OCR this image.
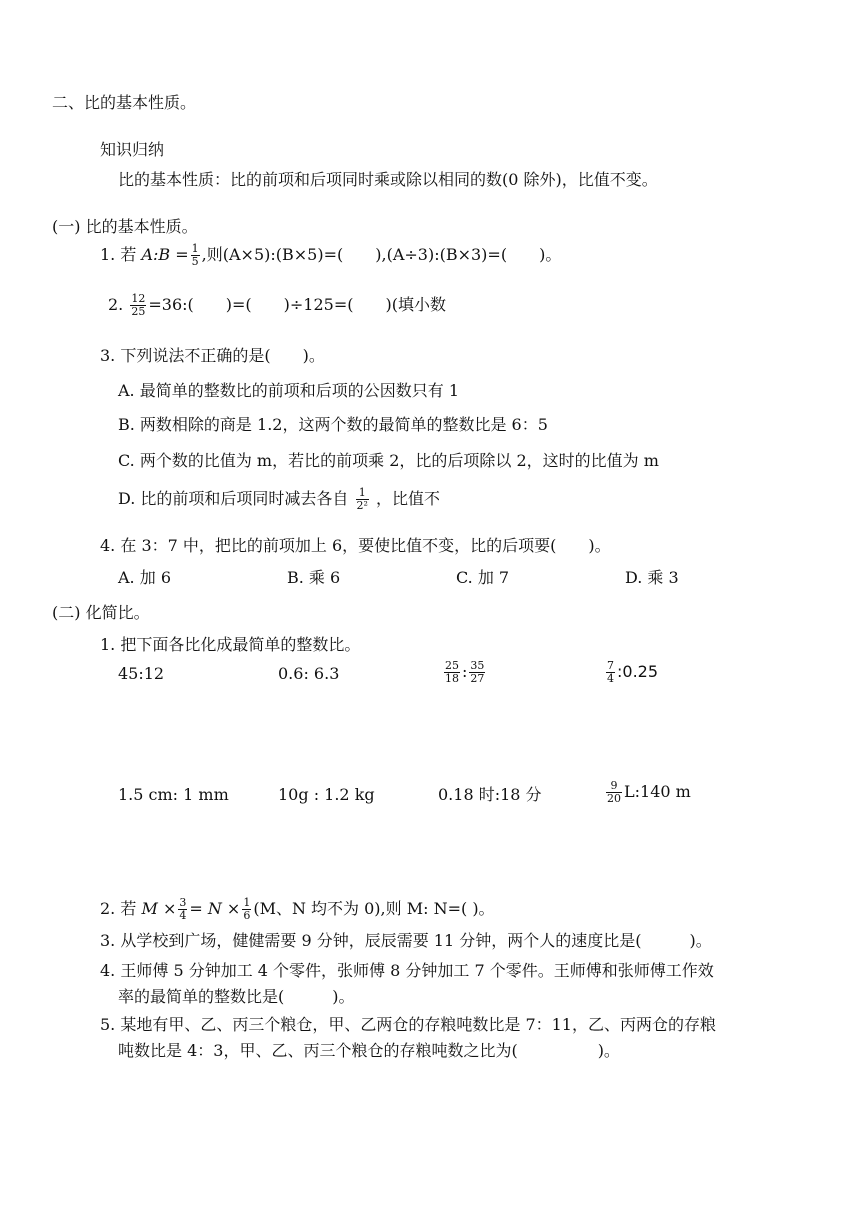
二、比的基本性质。
知识归纳
比的基本性质：比的前项和后项同时乘或除以相同的数(0 除外)，比值不变。
(一) 比的基本性质。
1. 若 A:B = $\frac{1}{5}$ ,则(A×5):(B×5)=(　　),(A÷3):(B×3)=(　　)。
2. $\frac{12}{25}$ =36:(　　)=(　　)÷125=(　　)(填小数
3. 下列说法不正确的是(　　)。
A. 最简单的整数比的前项和后项的公因数只有 1
B. 两数相除的商是 1.2，这两个数的最简单的整数比是 6：5
C. 两个数的比值为 m，若比的前项乘 2，比的后项除以 2，这时的比值为 m
D. 比的前项和后项同时减去各自 $\frac{1}{\text{2²}}$ ，比值不
4. 在 3：7 中，把比的前项加上 6，要使比值不变，比的后项要(　　)。
A. 加 6	B. 乘 6	C. 加 7	D. 乘 3
(二) 化简比。
1. 把下面各比化成最简单的整数比。
45:12	0.6: 6.3	$\frac{25}{18}$ : $\frac{35}{27}$	$\frac{7}{4}$ :0.25
1.5 cm: 1 mm	10g : 1.2 kg	0.18 时:18 分	$\frac{9}{20}$ L:140 m
2. 若 $M \times \frac{3}{4} = N \times \frac{1}{6} (M$、N 均不为 0),则 M: N=( )。
3. 从学校到广场，健健需要 9 分钟，辰辰需要 11 分钟，两个人的速度比是(　　　)。
4. 王师傅 5 分钟加工 4 个零件，张师傅 8 分钟加工 7 个零件。王师傅和张师傅工作效
率的最简单的整数比是(　　　)。
5. 某地有甲、乙、丙三个粮仓，甲、乙两仓的存粮吨数比是 7：11，乙、丙两仓的存粮
吨数比是 4：3，甲、乙、丙三个粮仓的存粮吨数之比为(　　　　　)。
